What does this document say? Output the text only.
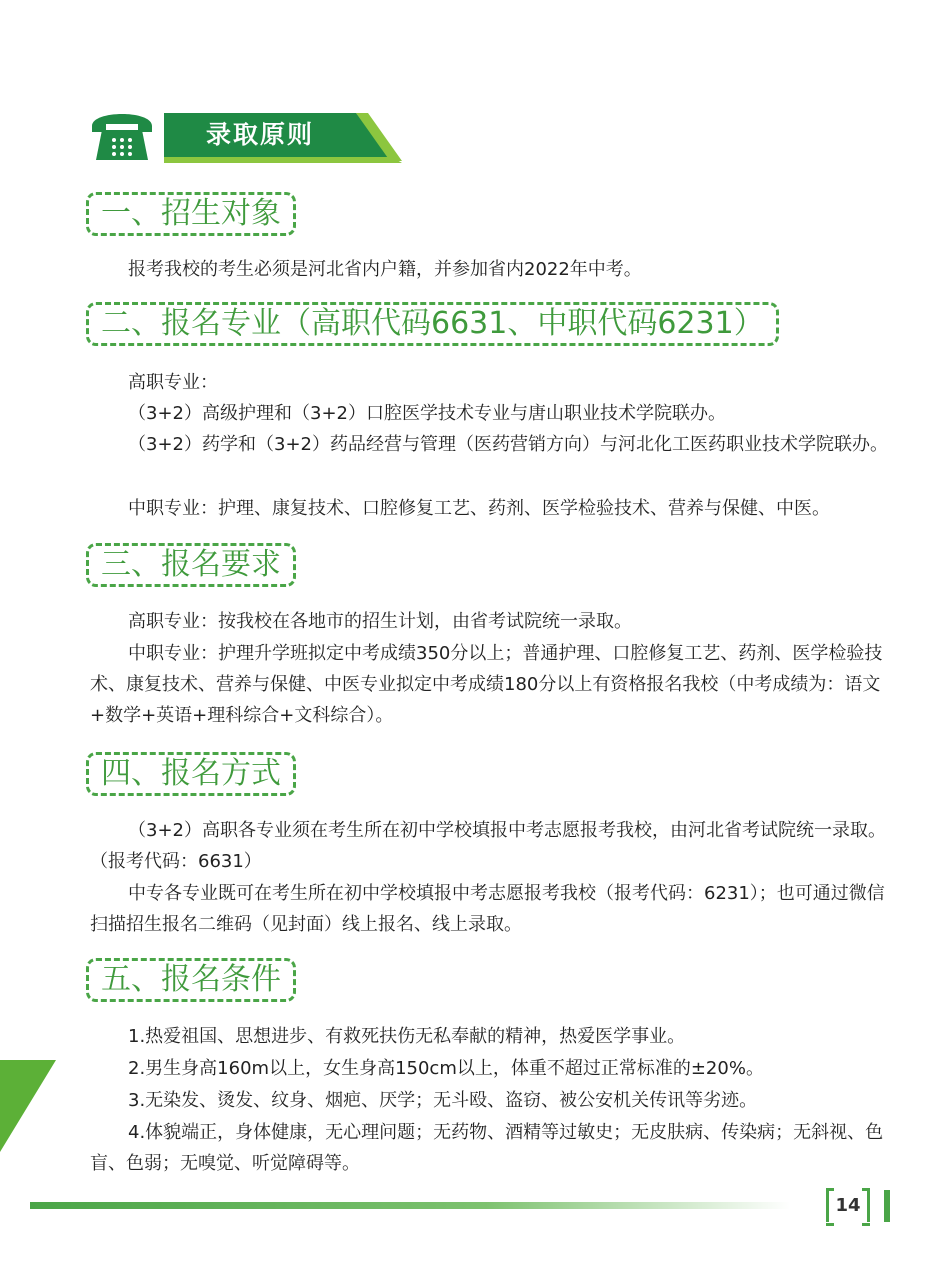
录取原则
一、招生对象

报考我校的考生必须是河北省内户籍，并参加省内2022年中考。

二、报名专业（高职代码6631、中职代码6231）

高职专业：

（3+2）高级护理和（3+2）口腔医学技术专业与唐山职业技术学院联办。

（3+2）药学和（3+2）药品经营与管理（医药营销方向）与河北化工医药职业技术学院联办。

中职专业：护理、康复技术、口腔修复工艺、药剂、医学检验技术、营养与保健、中医。

三、报名要求

高职专业：按我校在各地市的招生计划，由省考试院统一录取。

中职专业：护理升学班拟定中考成绩350分以上；普通护理、口腔修复工艺、药剂、医学检验技术、康复技术、营养与保健、中医专业拟定中考成绩180分以上有资格报名我校（中考成绩为：语文+数学+英语+理科综合+文科综合）。

四、报名方式

（3+2）高职各专业须在考生所在初中学校填报中考志愿报考我校，由河北省考试院统一录取。（报考代码：6631）

中专各专业既可在考生所在初中学校填报中考志愿报考我校（报考代码：6231）；也可通过微信扫描招生报名二维码（见封面）线上报名、线上录取。

五、报名条件

1.热爱祖国、思想进步、有救死扶伤无私奉献的精神，热爱医学事业。

2.男生身高160m以上，女生身高150cm以上，体重不超过正常标准的±20%。

3.无染发、烫发、纹身、烟疤、厌学；无斗殴、盗窃、被公安机关传讯等劣迹。

4.体貌端正，身体健康，无心理问题；无药物、酒精等过敏史；无皮肤病、传染病；无斜视、色盲、色弱；无嗅觉、听觉障碍等。

14
